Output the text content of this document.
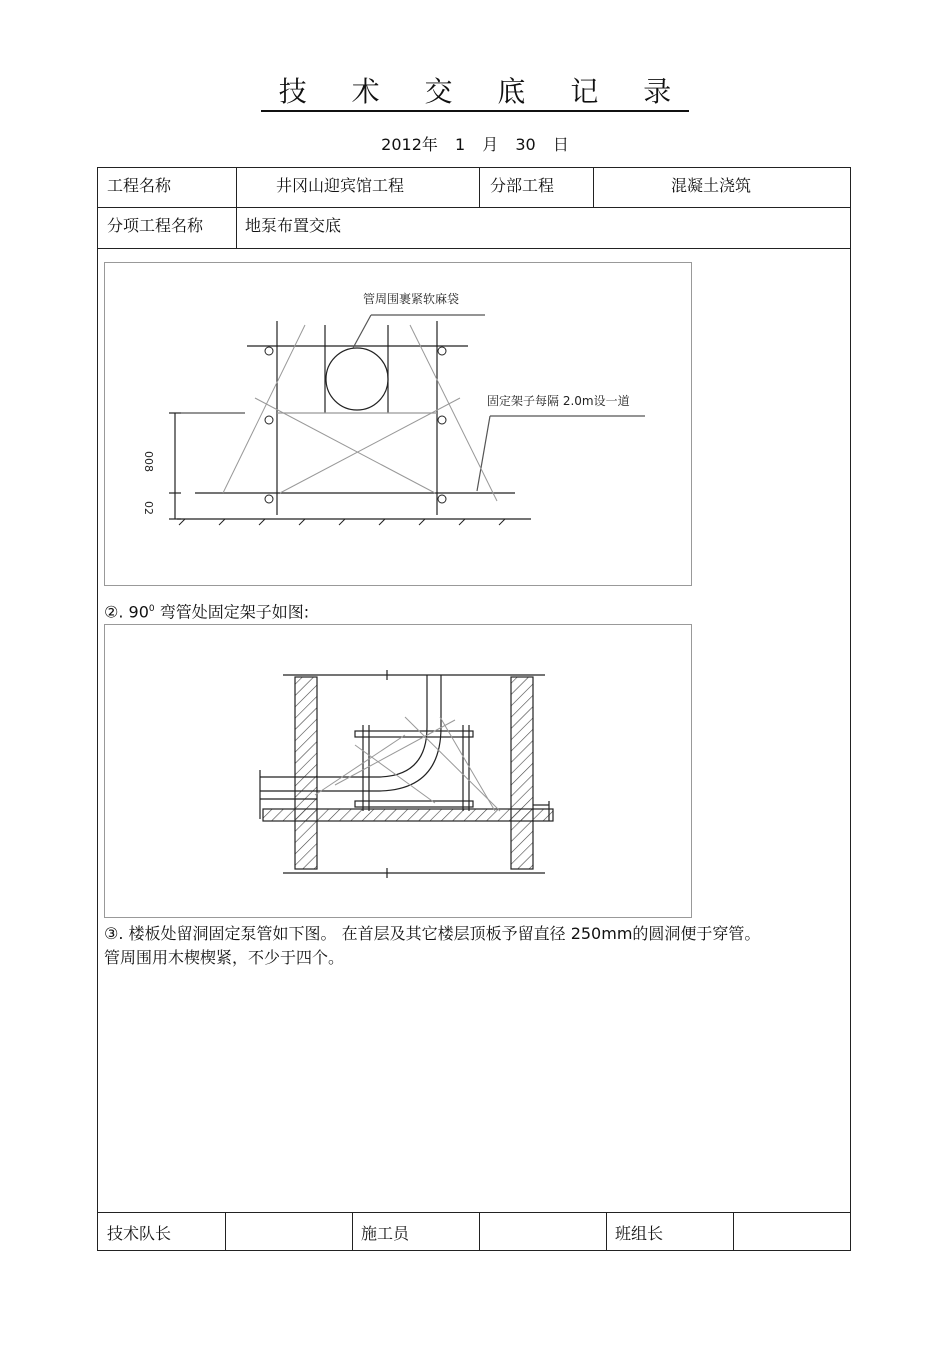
技 术 交 底 记 录
2012年 1 月 30 日
工程名称	井冈山迎宾馆工程	分部工程	混凝土浇筑
分项工程名称	地泵布置交底
技术队长	施工员	班组长
管周围裹紧软麻袋
固定架子每隔 2.0m设一道
008
02
②. $90^0$ 弯管处固定架子如图:
③. 楼板处留洞固定泵管如下图。 在首层及其它楼层顶板予留直径 250mm的圆洞便于穿管。
管周围用木楔楔紧，不少于四个。
